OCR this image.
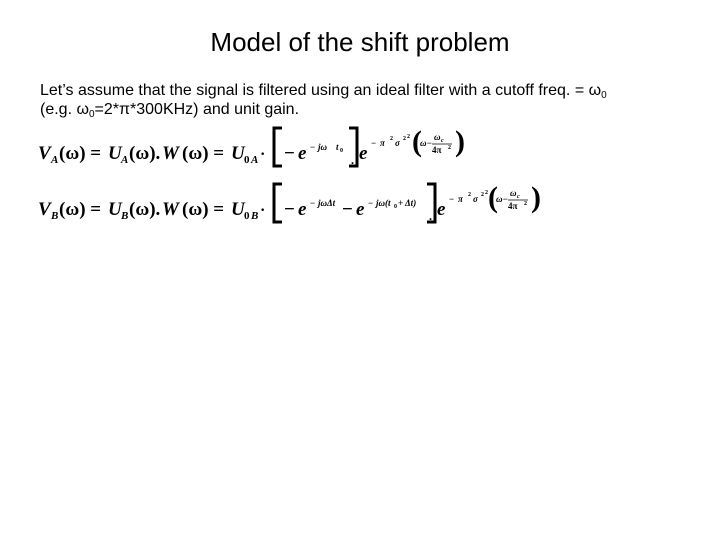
Model of the shift problem
Let’s assume that the signal is filtered using an ideal filter with a cutoff freq. = $\omega_0$
(e.g. $\omega_0=2*\pi*300KHz$) and unit gain.
V A (ω) = U A (ω). W (ω) = U 0 A · − e − jω t 0
. e − π 2 σ 2 2 (
ω−
ω c
4π 2 )
V B (ω) = U B (ω). W (ω) = U 0 B · − e − jωΔt − e − jω(t 0 + Δt)
. e − π 2 σ 2 2 (
ω−
ω c
4π 2 )
